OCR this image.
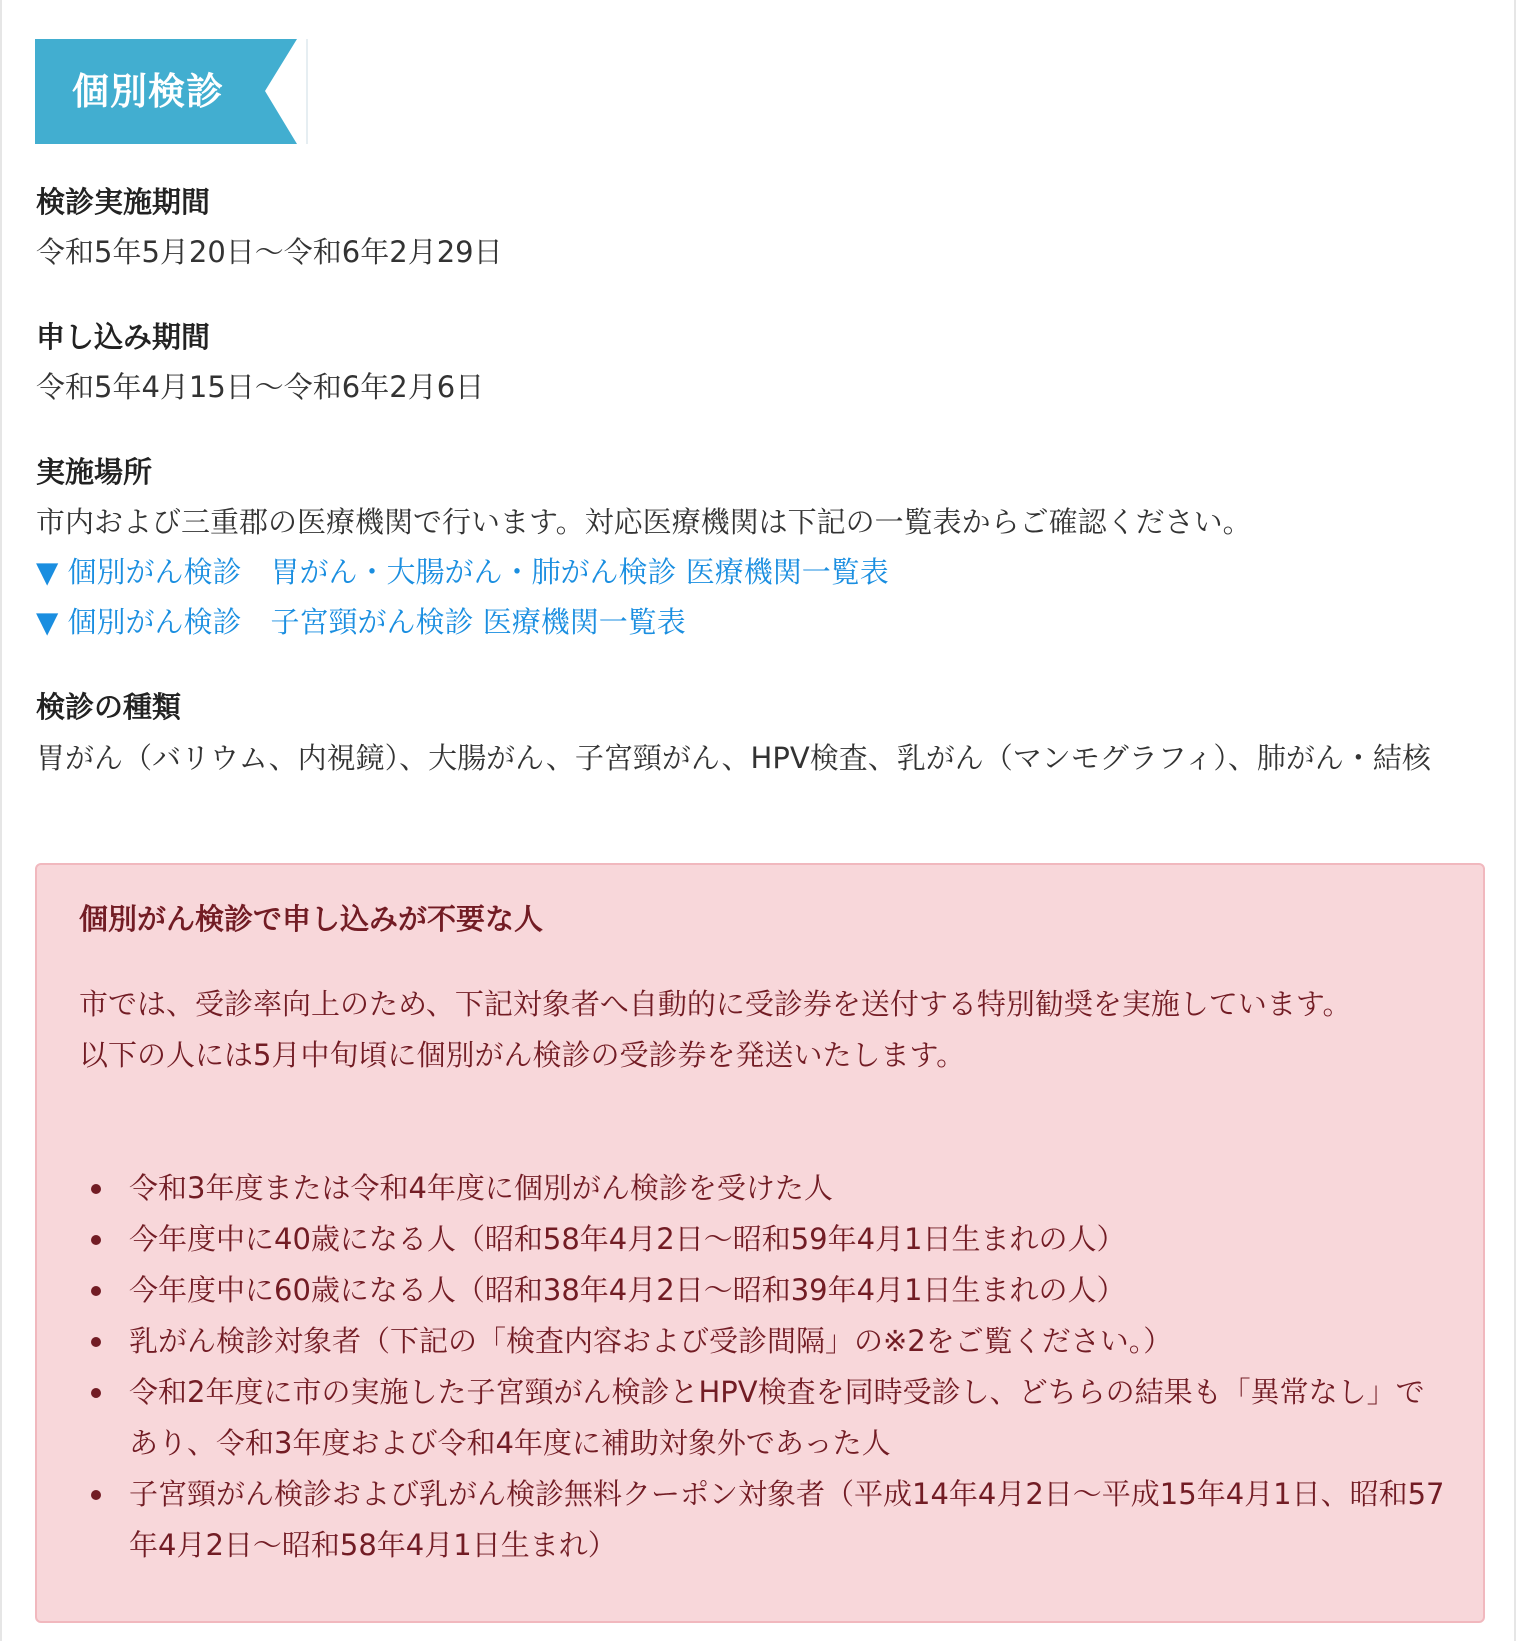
個別検診
検診実施期間
令和5年5月20日〜令和6年2月29日
申し込み期間
令和5年4月15日〜令和6年2月6日
実施場所
市内および三重郡の医療機関で行います。対応医療機関は下記の一覧表からご確認ください。
▼ 個別がん検診　胃がん・大腸がん・肺がん検診 医療機関一覧表
▼ 個別がん検診　子宮頸がん検診 医療機関一覧表
検診の種類
胃がん（バリウム、内視鏡）、大腸がん、子宮頸がん、HPV検査、乳がん（マンモグラフィ）、肺がん・結核
個別がん検診で申し込みが不要な人
市では、受診率向上のため、下記対象者へ自動的に受診券を送付する特別勧奨を実施しています。
以下の人には5月中旬頃に個別がん検診の受診券を発送いたします。
令和3年度または令和4年度に個別がん検診を受けた人
今年度中に40歳になる人（昭和58年4月2日〜昭和59年4月1日生まれの人）
今年度中に60歳になる人（昭和38年4月2日〜昭和39年4月1日生まれの人）
乳がん検診対象者（下記の「検査内容および受診間隔」の※2をご覧ください。）
令和2年度に市の実施した子宮頸がん検診とHPV検査を同時受診し、どちらの結果も「異常なし」であり、令和3年度および令和4年度に補助対象外であった人
子宮頸がん検診および乳がん検診無料クーポン対象者（平成14年4月2日〜平成15年4月1日、昭和57年4月2日〜昭和58年4月1日生まれ）
